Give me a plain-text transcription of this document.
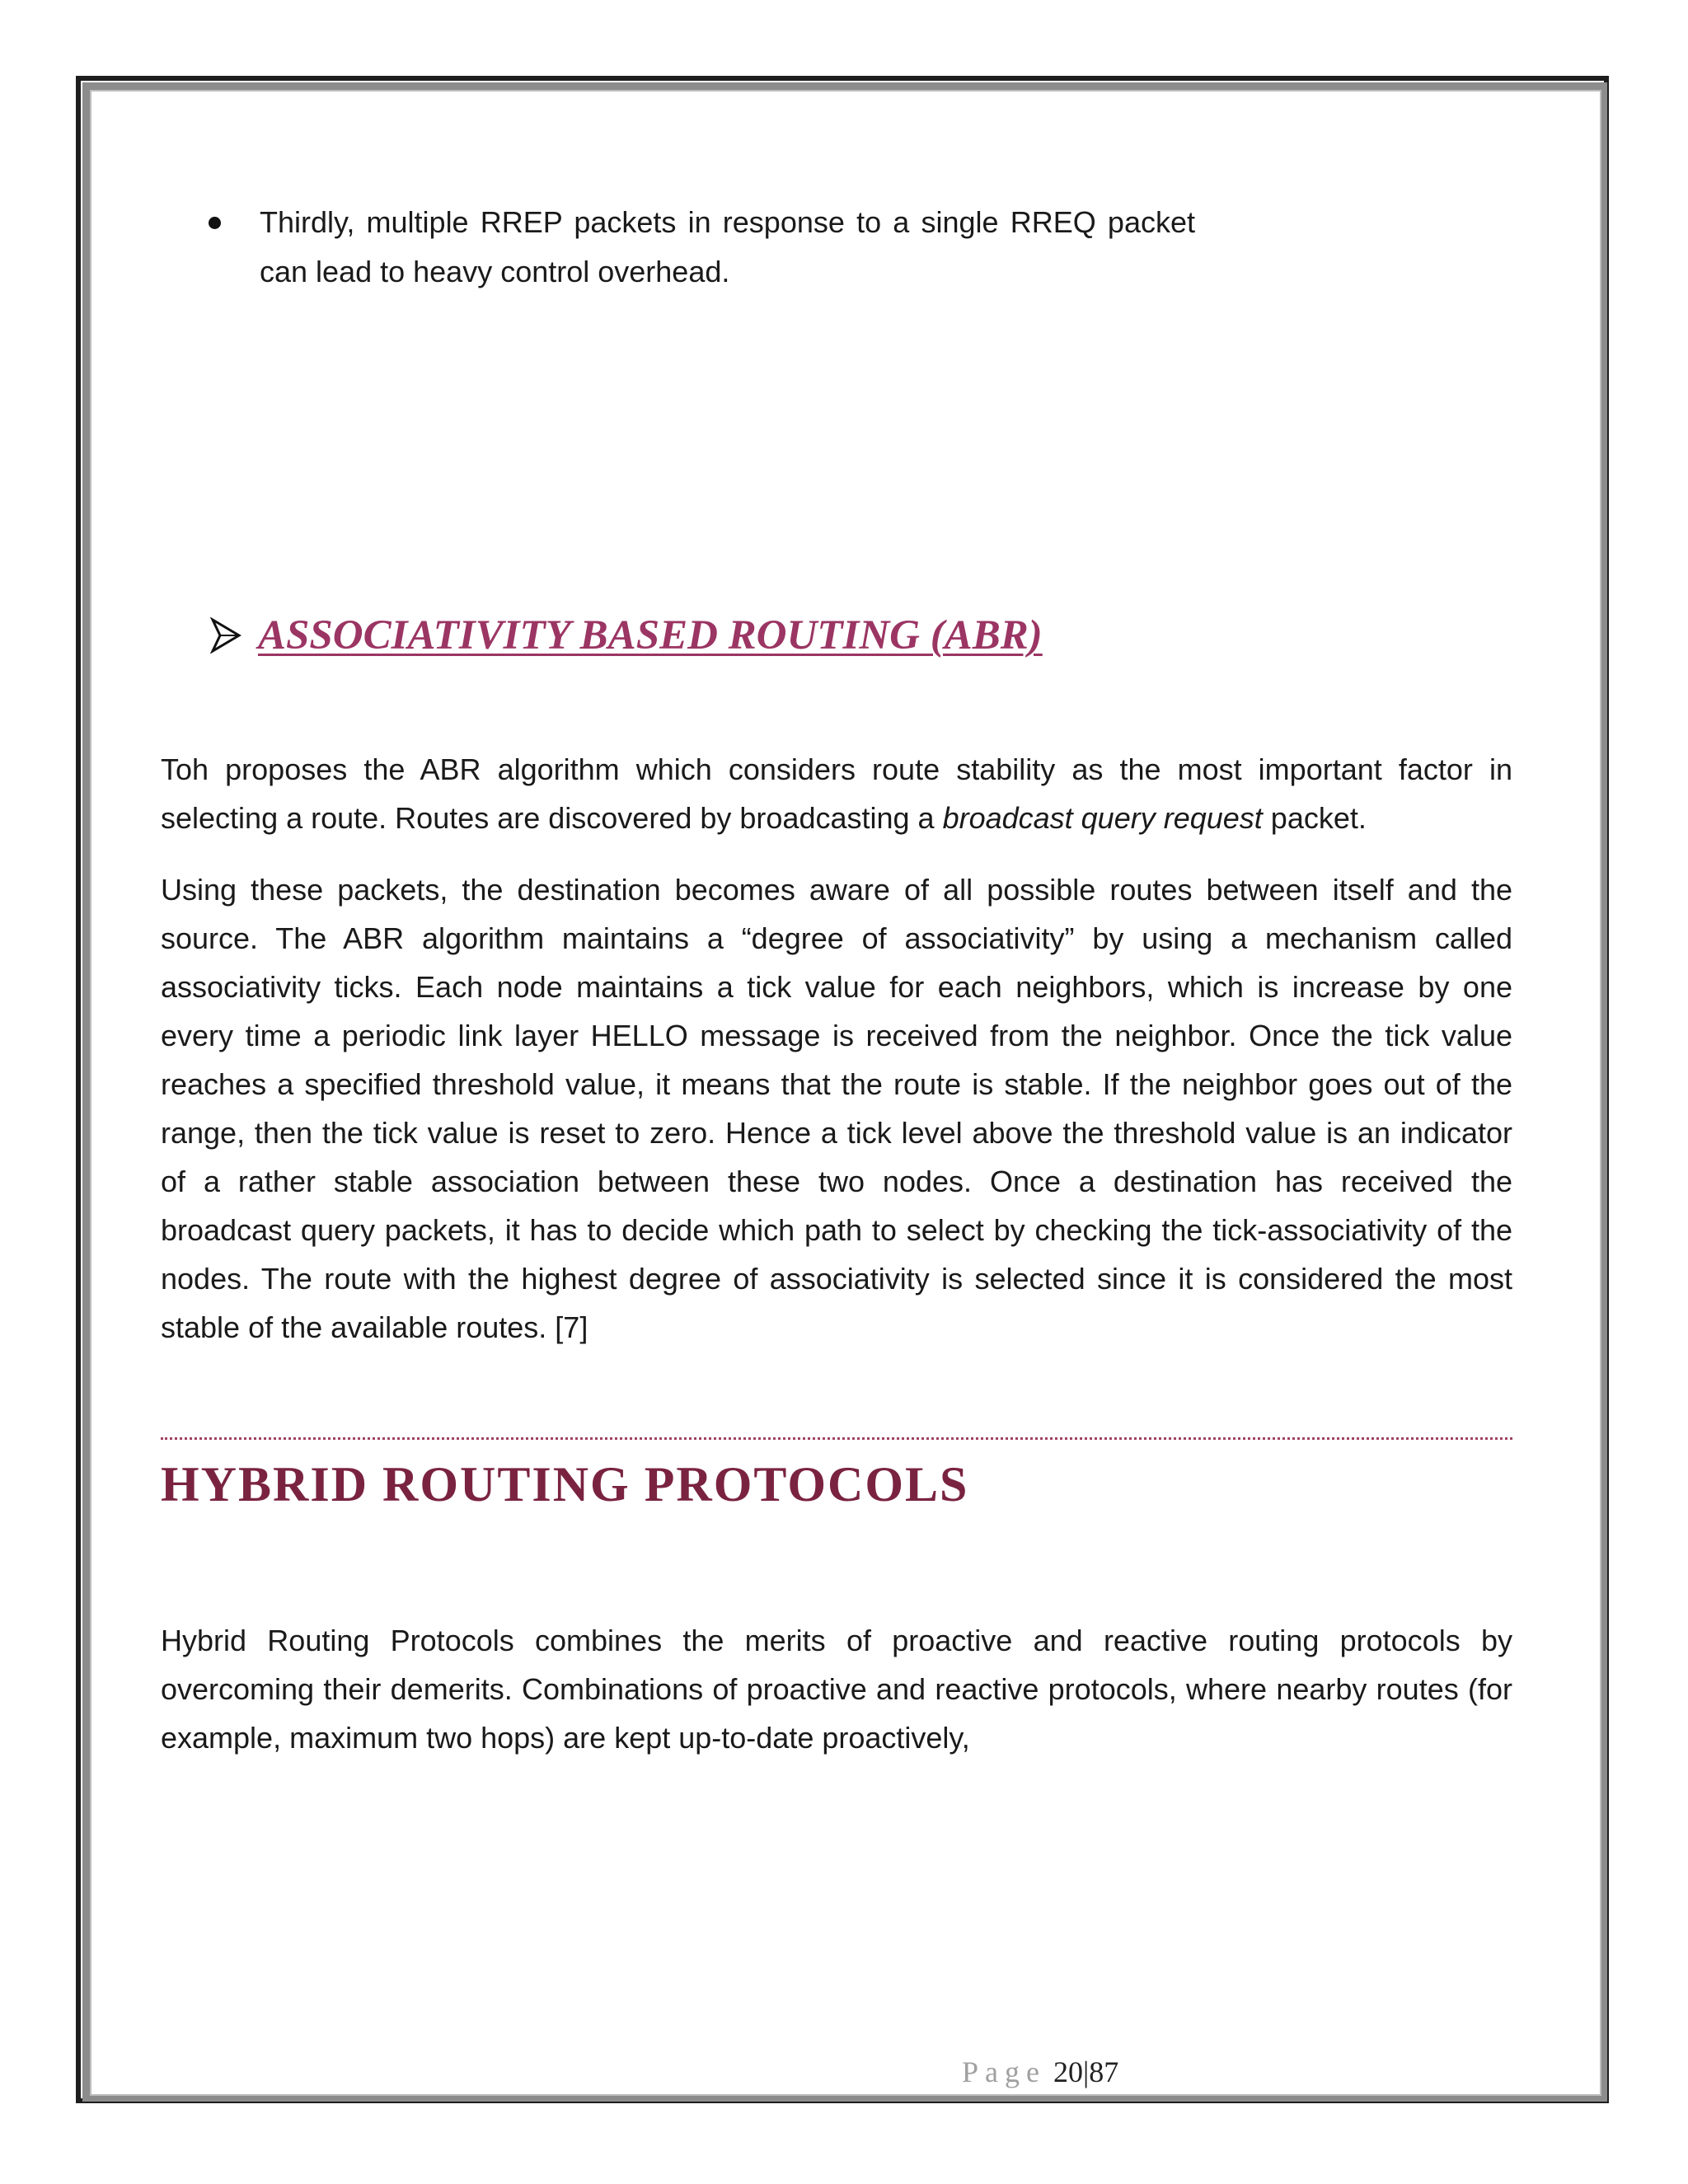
Thirdly, multiple RREP packets in response to a single RREQ packet can lead to heavy control overhead.
ASSOCIATIVITY BASED ROUTING (ABR)

Toh proposes the ABR algorithm which considers route stability as the most important factor in selecting a route. Routes are discovered by broadcasting a broadcast query request packet.

Using these packets, the destination becomes aware of all possible routes between itself and the source. The ABR algorithm maintains a “degree of associativity” by using a mechanism called associativity ticks. Each node maintains a tick value for each neighbors, which is increase by one every time a periodic link layer HELLO message is received from the neighbor. Once the tick value reaches a specified threshold value, it means that the route is stable. If the neighbor goes out of the range, then the tick value is reset to zero. Hence a tick level above the threshold value is an indicator of a rather stable association between these two nodes. Once a destination has received the broadcast query packets, it has to decide which path to select by checking the tick-associativity of the nodes. The route with the highest degree of associativity is selected since it is considered the most stable of the available routes. [7]

HYBRID ROUTING PROTOCOLS

Hybrid Routing Protocols combines the merits of proactive and reactive routing protocols by overcoming their demerits. Combinations of proactive and reactive protocols, where nearby routes (for example, maximum two hops) are kept up-to-date proactively,

Page 20|87
